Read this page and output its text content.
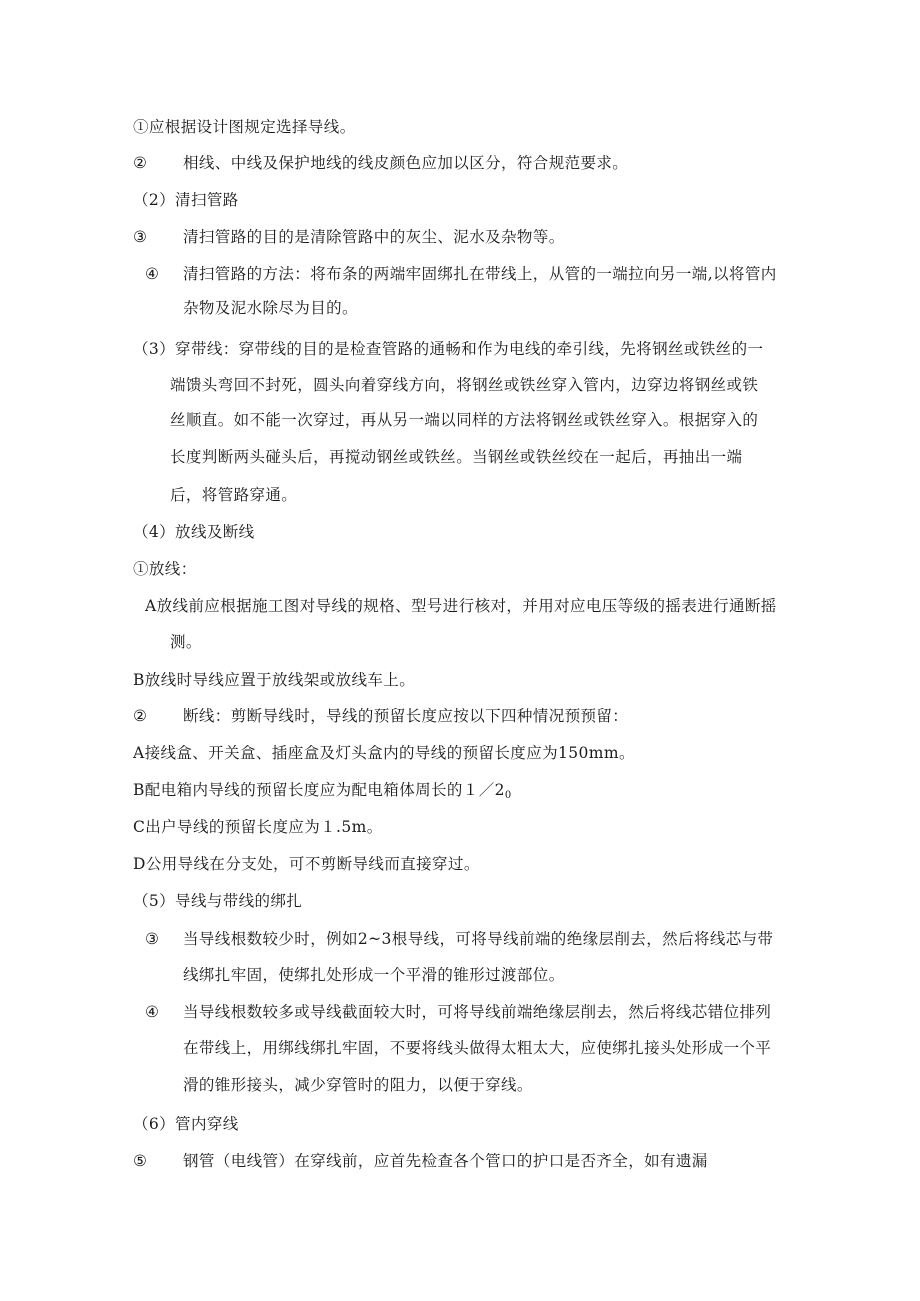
①应根据设计图规定选择导线。
② 相线、中线及保护地线的线皮颜色应加以区分，符合规范要求。
（2）清扫管路
③ 清扫管路的目的是清除管路中的灰尘、泥水及杂物等。
④ 清扫管路的方法：将布条的两端牢固绑扎在带线上，从管的一端拉向另一端,以将管内
杂物及泥水除尽为目的。
（3）穿带线：穿带线的目的是检查管路的通畅和作为电线的牵引线，先将钢丝或铁丝的一
端馈头弯回不封死，圆头向着穿线方向，将钢丝或铁丝穿入管内，边穿边将钢丝或铁
丝顺直。如不能一次穿过，再从另一端以同样的方法将钢丝或铁丝穿入。根据穿入的
长度判断两头碰头后，再搅动钢丝或铁丝。当钢丝或铁丝绞在一起后，再抽出一端
后，将管路穿通。
（4）放线及断线
①放线：
A放线前应根据施工图对导线的规格、型号进行核对，并用对应电压等级的摇表进行通断摇
测。
B放线时导线应置于放线架或放线车上。
② 断线：剪断导线时，导线的预留长度应按以下四种情况预预留：
A接线盒、开关盒、插座盒及灯头盒内的导线的预留长度应为150mm。
B配电箱内导线的预留长度应为配电箱体周长的$1/2_0$
C出户导线的预留长度应为１.5m。
D公用导线在分支处，可不剪断导线而直接穿过。
（5）导线与带线的绑扎
③ 当导线根数较少时，例如2~3根导线，可将导线前端的绝缘层削去，然后将线芯与带
线绑扎牢固，使绑扎处形成一个平滑的锥形过渡部位。
④ 当导线根数较多或导线截面较大时，可将导线前端绝缘层削去，然后将线芯错位排列
在带线上，用绑线绑扎牢固，不要将线头做得太粗太大，应使绑扎接头处形成一个平
滑的锥形接头，减少穿管时的阻力，以便于穿线。
（6）管内穿线
⑤ 钢管（电线管）在穿线前，应首先检查各个管口的护口是否齐全，如有遗漏
